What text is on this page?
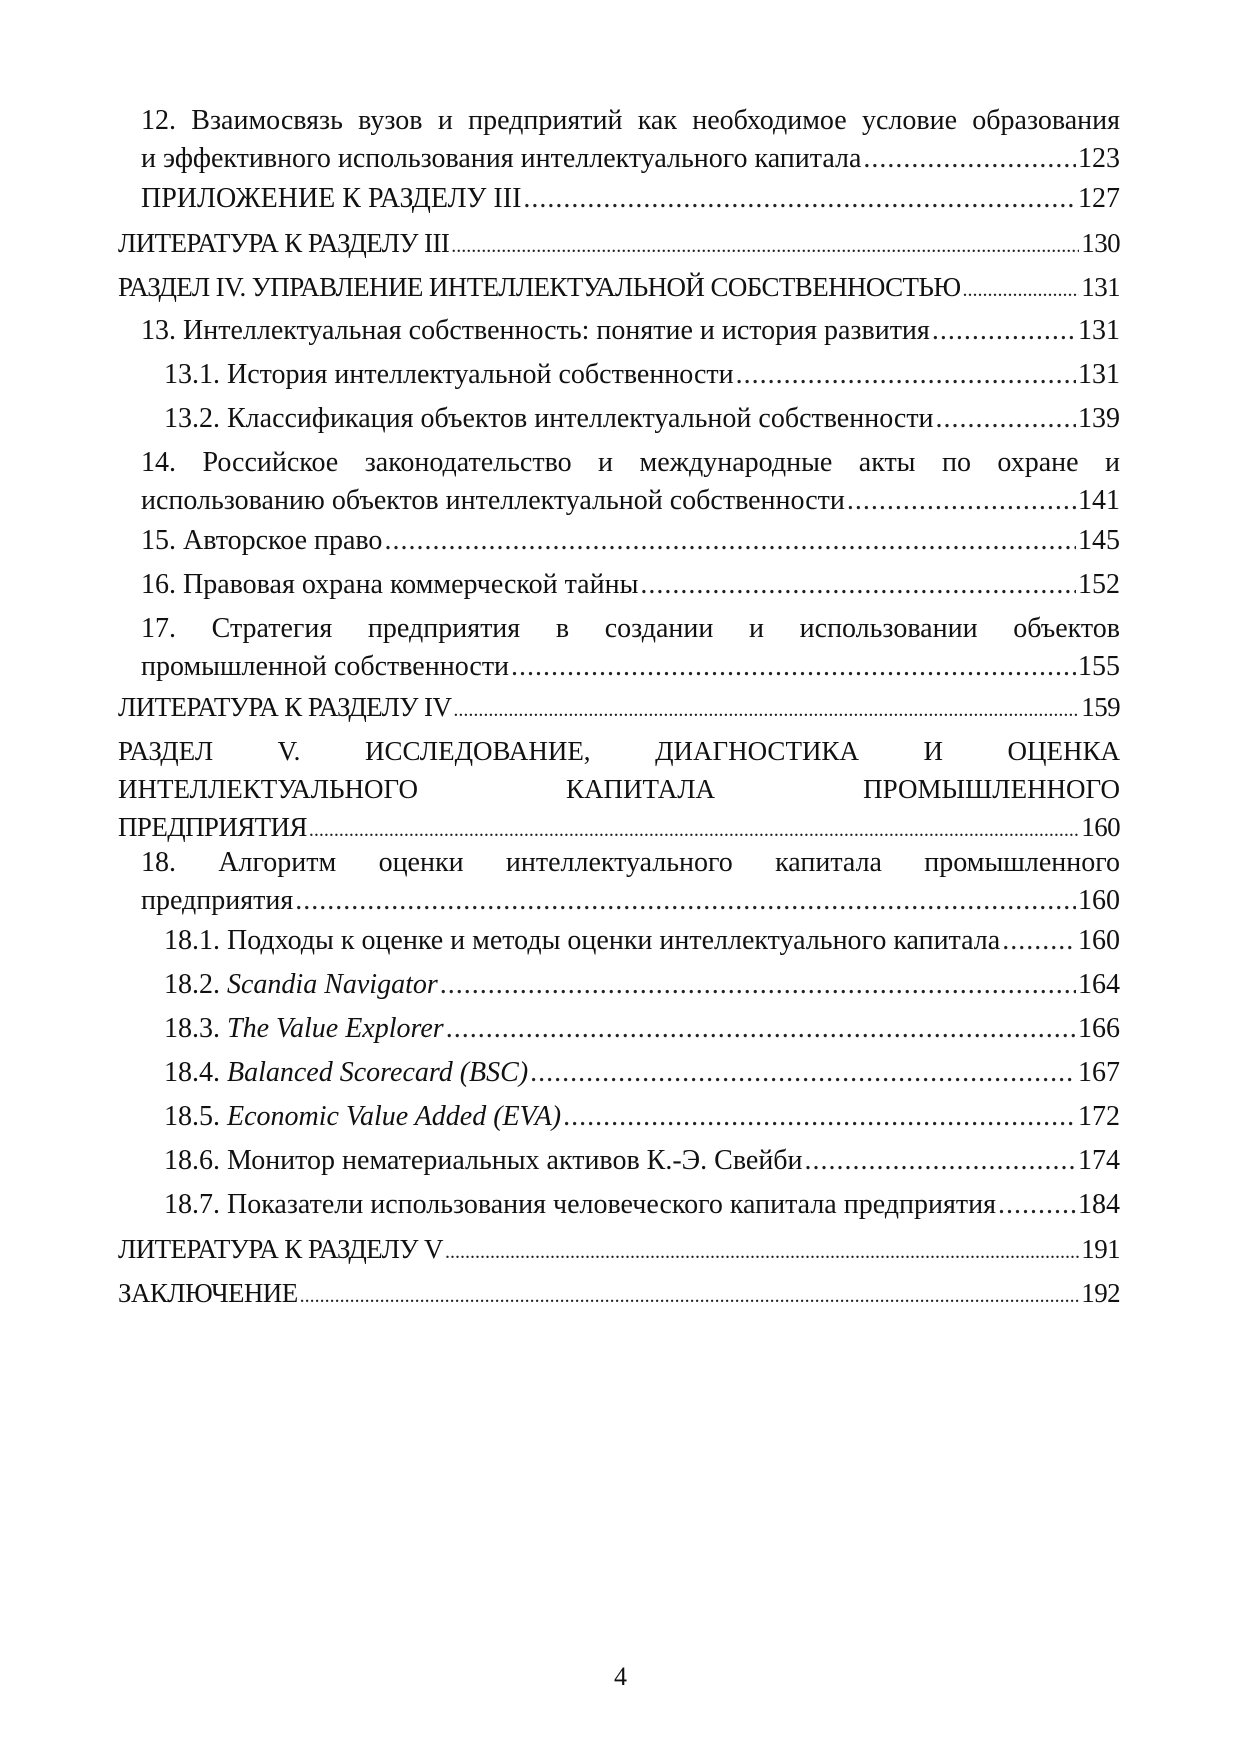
12. Взаимосвязь вузов и предприятий как необходимое условие образования
и эффективного использования интеллектуального капитала .....	123
ПРИЛОЖЕНИЕ К РАЗДЕЛУ III .....	127
ЛИТЕРАТУРА К РАЗДЕЛУ III .....	130
РАЗДЕЛ IV. УПРАВЛЕНИЕ ИНТЕЛЛЕКТУАЛЬНОЙ СОБСТВЕННОСТЬЮ .....	131
13. Интеллектуальная собственность: понятие и история развития .....	131
13.1. История интеллектуальной собственности .....	131
13.2. Классификация объектов интеллектуальной собственности .....	139
14. Российское законодательство и международные акты по охране и
использованию объектов интеллектуальной собственности .....	141
15. Авторское право .....	145
16. Правовая охрана коммерческой тайны .....	152
17. Стратегия предприятия в создании и использовании объектов
промышленной собственности .....	155
ЛИТЕРАТУРА К РАЗДЕЛУ IV .....	159
РАЗДЕЛ V. ИССЛЕДОВАНИЕ, ДИАГНОСТИКА И ОЦЕНКА
ИНТЕЛЛЕКТУАЛЬНОГО КАПИТАЛА ПРОМЫШЛЕННОГО
ПРЕДПРИЯТИЯ .....	160
18. Алгоритм оценки интеллектуального капитала промышленного
предприятия .....	160
18.1. Подходы к оценке и методы оценки интеллектуального капитала .....	160
18.2. Scandia Navigator .....	164
18.3. The Value Explorer .....	166
18.4. Balanced Scorecard (BSC) .....	167
18.5. Economic Value Added (EVA) .....	172
18.6. Монитор нематериальных активов К.-Э. Свейби .....	174
18.7. Показатели использования человеческого капитала предприятия .....	184
ЛИТЕРАТУРА К РАЗДЕЛУ V .....	191
ЗАКЛЮЧЕНИЕ .....	192
4
